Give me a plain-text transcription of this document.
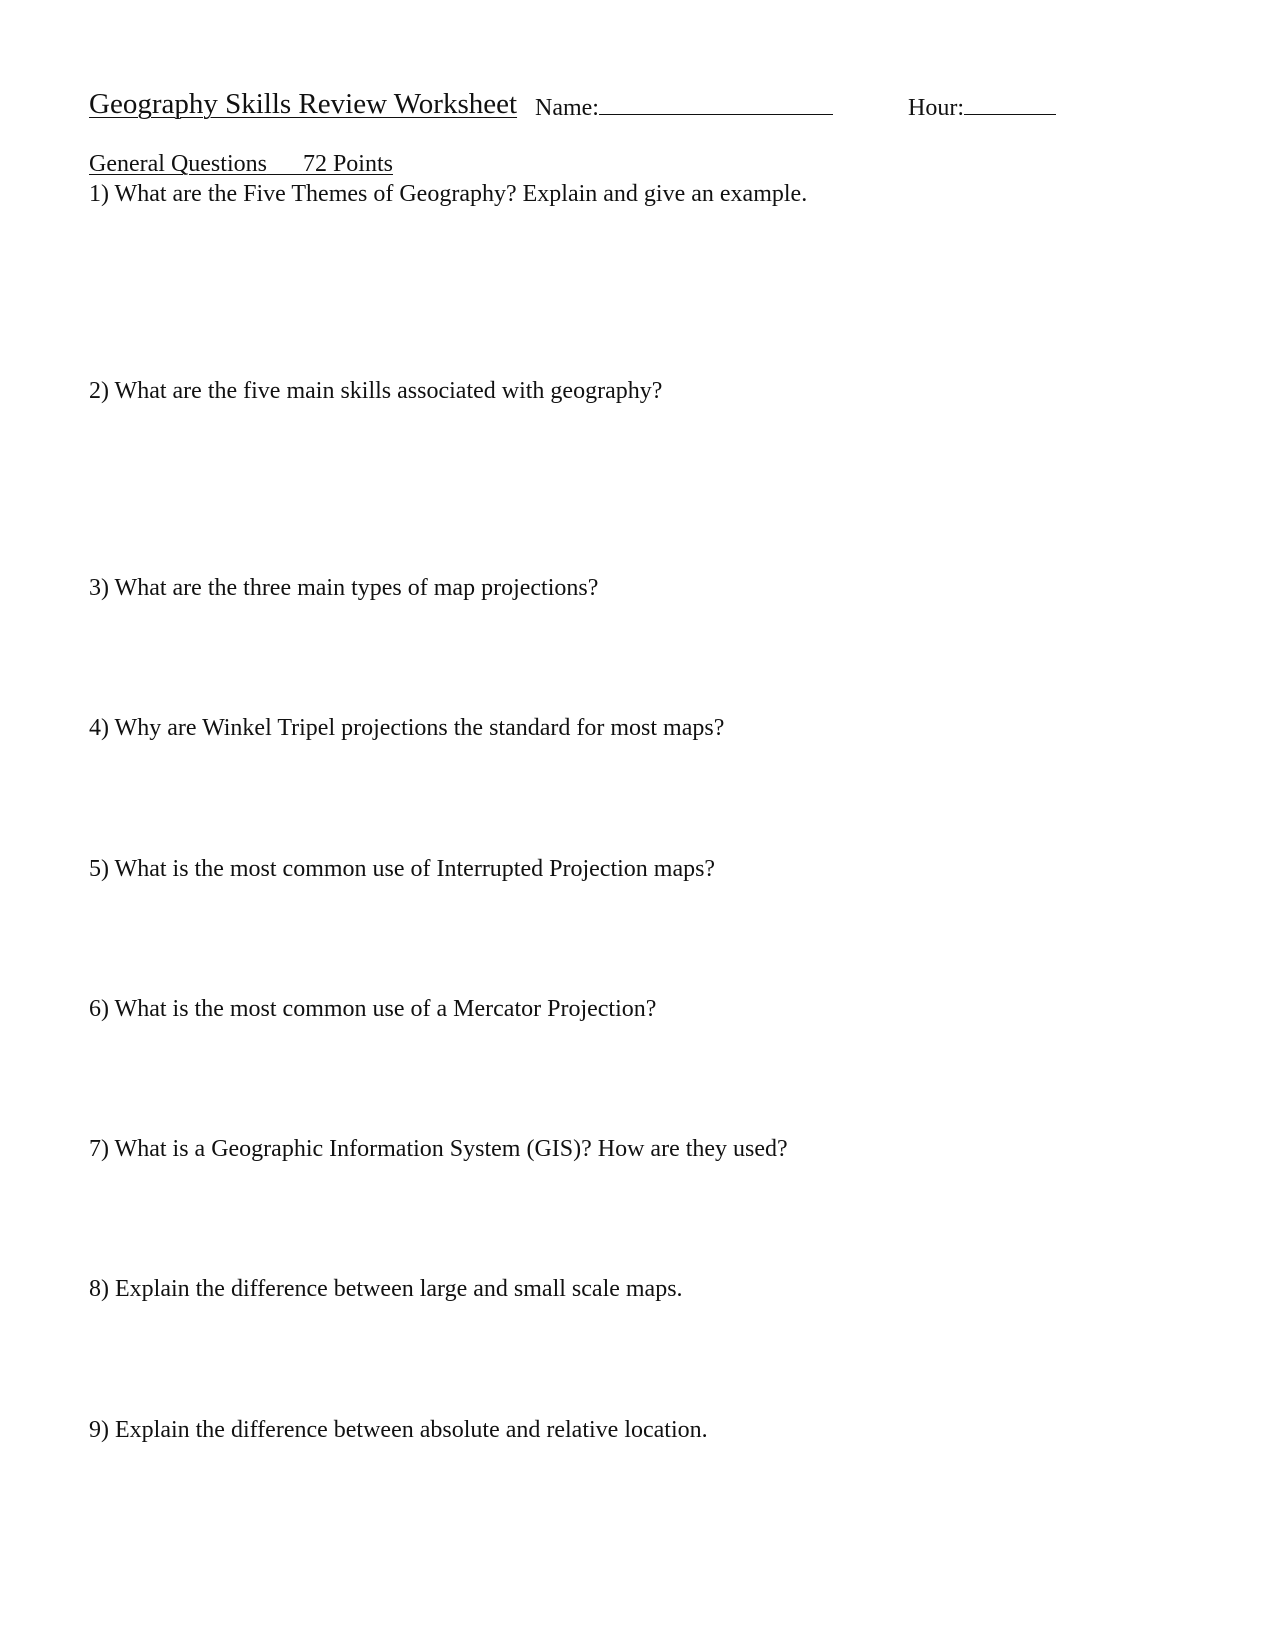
Geography Skills Review Worksheet Name:	Hour:
General Questions 72 Points
1) What are the Five Themes of Geography? Explain and give an example.
2) What are the five main skills associated with geography?
3) What are the three main types of map projections?
4) Why are Winkel Tripel projections the standard for most maps?
5) What is the most common use of Interrupted Projection maps?
6) What is the most common use of a Mercator Projection?
7) What is a Geographic Information System (GIS)? How are they used?
8) Explain the difference between large and small scale maps.
9) Explain the difference between absolute and relative location.
